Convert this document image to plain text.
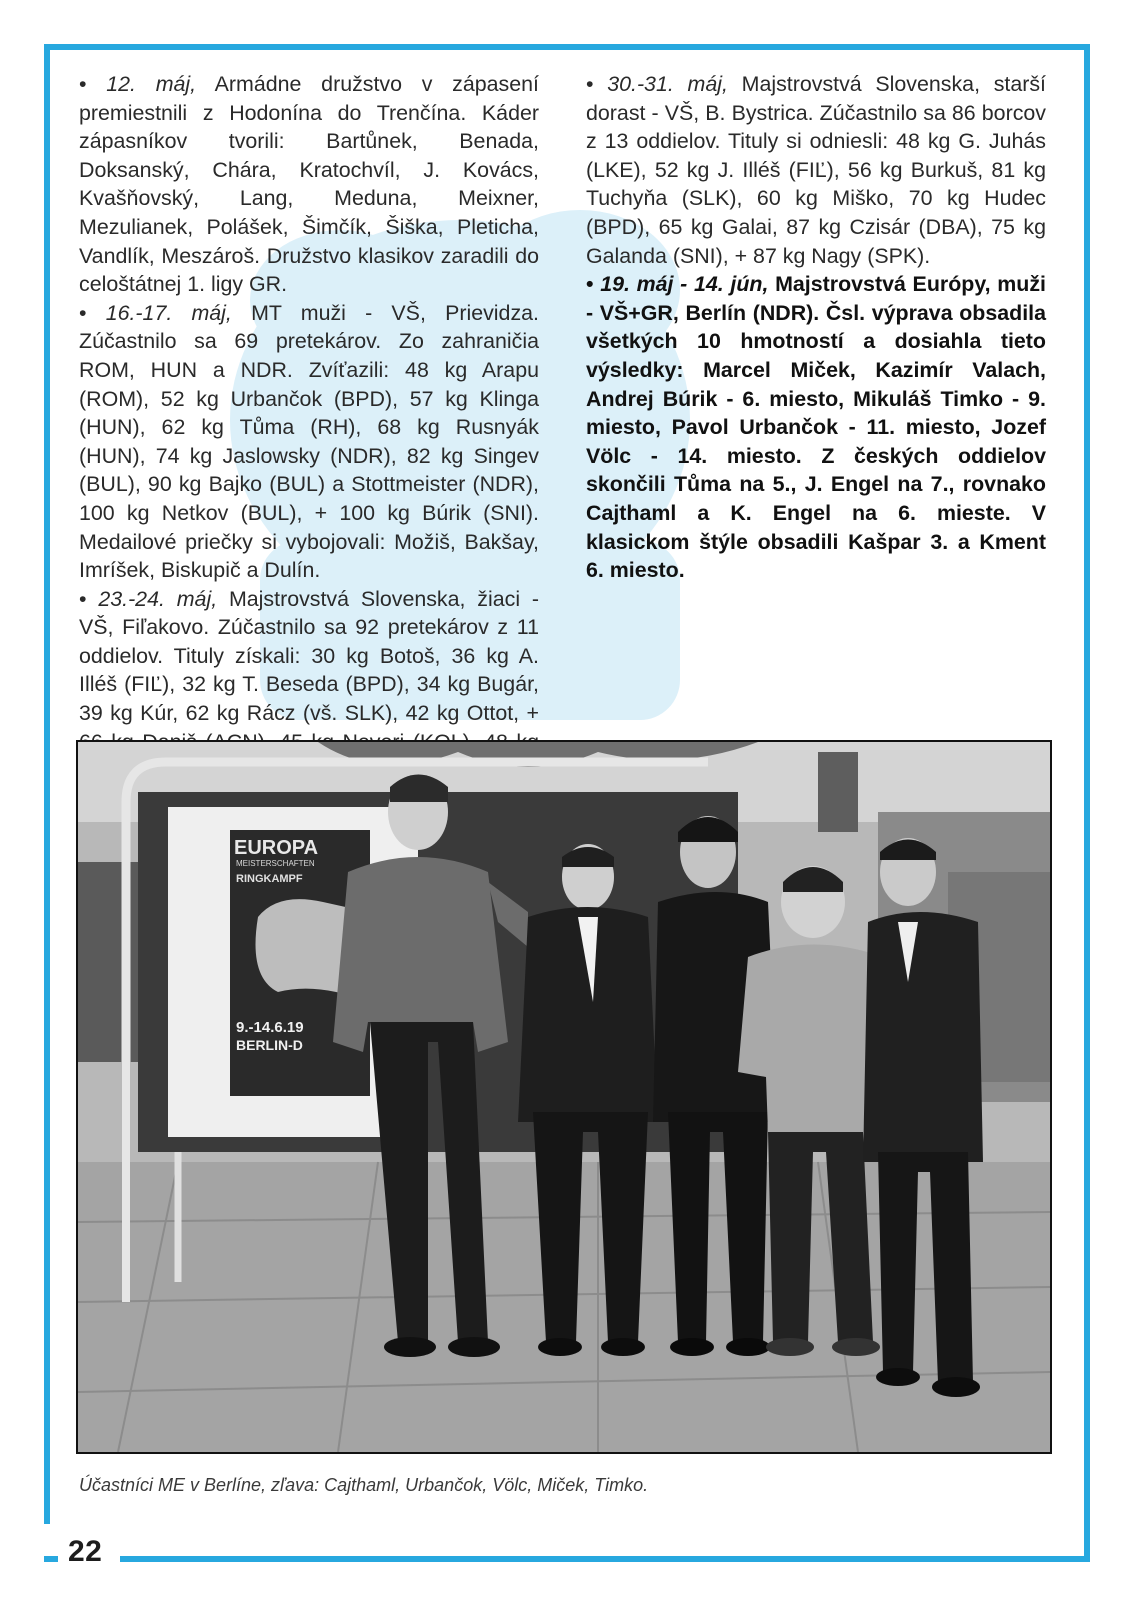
22

• 12. máj, Armádne družstvo v zápasení premiestnili z Hodonína do Trenčína. Káder zápasníkov tvorili: Bartůnek, Benada, Doksanský, Chára, Kratochvíl, J. Kovács, Kvašňovský, Lang, Meduna, Meixner, Mezulianek, Polášek, Šimčík, Šiška, Pleticha, Vandlík, Meszároš. Družstvo klasikov zaradili do celoštátnej 1. ligy GR.

• 16.-17. máj, MT muži - VŠ, Prievidza. Zúčastnilo sa 69 pretekárov. Zo zahraničia ROM, HUN a NDR. Zvíťazili: 48 kg Arapu (ROM), 52 kg Urbančok (BPD), 57 kg Klinga (HUN), 62 kg Tůma (RH), 68 kg Rusnyák (HUN), 74 kg Jaslowsky (NDR), 82 kg Singev (BUL), 90 kg Bajko (BUL) a Stottmeister (NDR), 100 kg Netkov (BUL), + 100 kg Búrik (SNI). Medailové priečky si vybojovali: Možiš, Bakšay, Imríšek, Biskupič a Dulín.

• 23.-24. máj, Majstrovstvá Slovenska, žiaci - VŠ, Fiľakovo. Zúčastnilo sa 92 pretekárov z 11 oddielov. Tituly získali: 30 kg Botoš, 36 kg A. Illéš (FIĽ), 32 kg T. Beseda (BPD), 34 kg Bugár, 39 kg Kúr, 62 kg Rácz (vš. SLK), 42 kg Ottot, +

• 30.-31. máj, Majstrovstvá Slovenska, starší dorast - VŠ, B. Bystrica. Zúčastnilo sa 86 borcov z 13 oddielov. Tituly si odniesli: 48 kg G. Juhás (LKE), 52 kg J. Illéš (FIĽ), 56 kg Burkuš, 81 kg Tuchyňa (SLK), 60 kg Miško, 70 kg Hudec (BPD), 65 kg Galai, 87 kg Czisár (DBA), 75 kg Galanda (SNI), + 87 kg Nagy (SPK).

• 19. máj - 14. jún, Majstrovstvá Európy, muži - VŠ+GR, Berlín (NDR). Čsl. výprava obsadila všetkých 10 hmotností a dosiahla tieto výsledky: Marcel Miček, Kazimír Valach, Andrej Búrik - 6. miesto, Mikuláš Timko - 9. miesto, Pavol Urbančok - 11. miesto, Jozef Völc - 14. miesto. Z českých oddielov skončili Tůma na 5., J. Engel na 7., rovnako Cajthaml a K. Engel na 6. mieste. V klasickom štýle obsadili Kašpar 3. a Kment 6. miesto.

EUROPA
MEISTERSCHAFTEN
RINGKAMPF
9.-14.6.19
BERLIN-D
Účastníci ME v Berlíne, zľava: Cajthaml, Urbančok, Völc, Miček, Timko.
